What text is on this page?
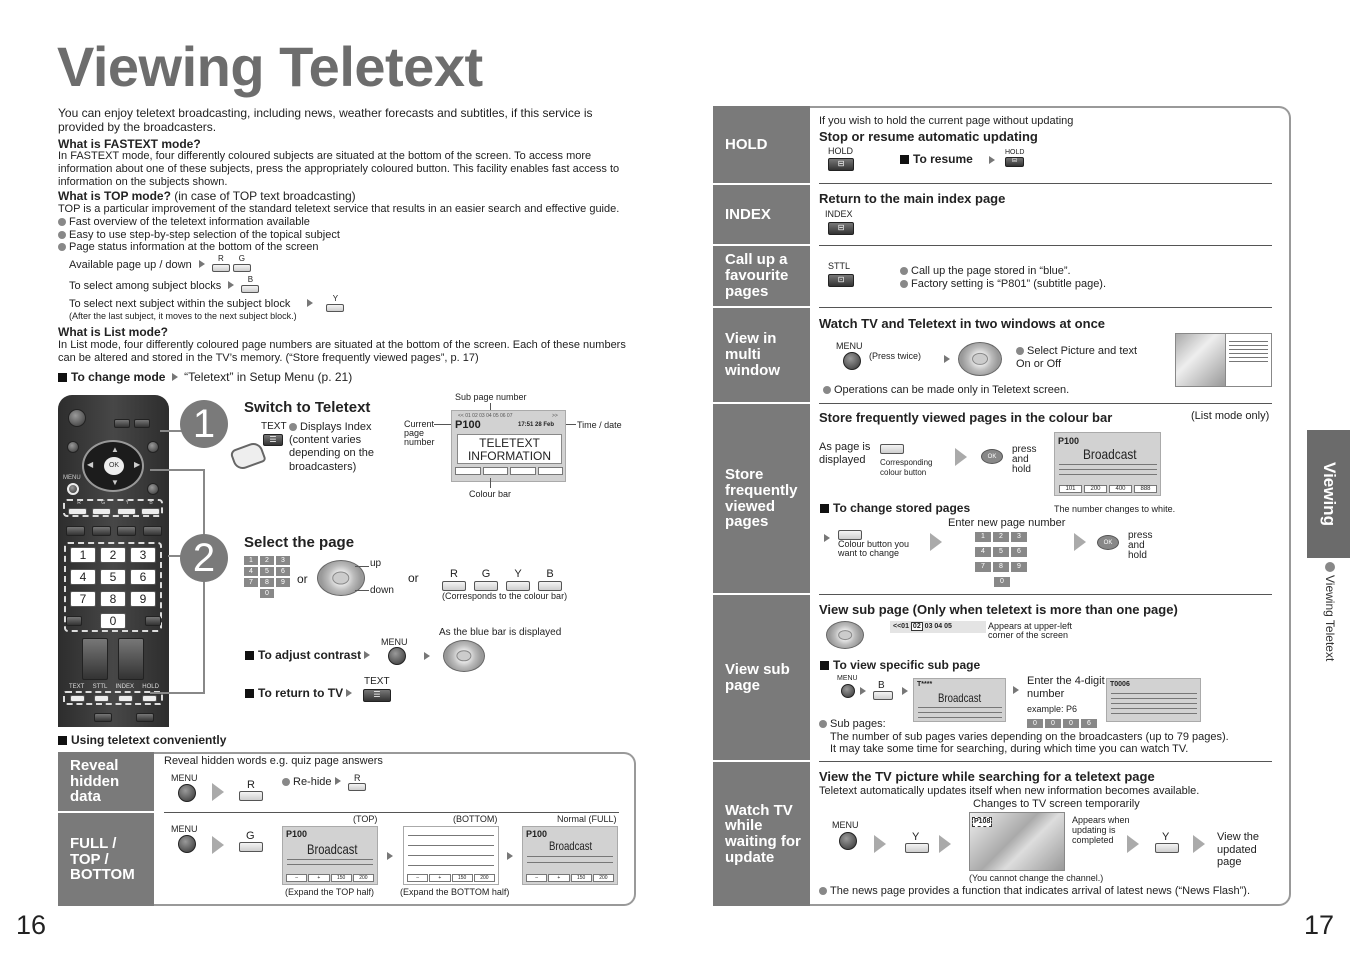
Viewing Teletext
You can enjoy teletext broadcasting, including news, weather forecasts and subtitles, if this service is provided by the broadcasters.
What is FASTEXT mode?
In FASTEXT mode, four differently coloured subjects are situated at the bottom of the screen. To access more information about one of these subjects, press the appropriately coloured button. This facility enables fast access to information on the subjects shown.
What is TOP mode? (in case of TOP text broadcasting)
TOP is a particular improvement of the standard teletext service that results in an easier search and effective guide.
Fast overview of the teletext information available
Easy to use step-by-step selection of the topical subject
Page status information at the bottom of the screen
Available page up / down  R G

To select among subject blocks  B

To select next subject within the subject block	Y

(After the last subject, it moves to the next subject block.)
What is List mode?
In List mode, four differently coloured page numbers are situated at the bottom of the screen. Each of these numbers can be altered and stored in the TV’s memory. (“Store frequently viewed pages”, p. 17)
To change mode “Teletext” in Setup Menu (p. 21)
OK
▲
▼
◀	▶
MENU
R	G	Y	B
1	2	3
4	5	6
7	8	9
0
TEXT STTL INDEX HOLD
1	Switch to Teletext
TEXT
☰
Displays Index (content varies depending on the broadcasters)
Sub page number
Current page number
<< 01 02 03 04 05 06 07	>>
P100	17:51 28 Feb
TELETEXT INFORMATION
Time / date
Colour bar
2	Select the page
1 2 3
4 5 6
7 8 9
0
or
up
down
or	R	G	Y	B
(Corresponds to the colour bar)
As the blue bar is displayed
MENU
To adjust contrast
TEXT
To return to TV	☰
Using teletext conveniently
Reveal hidden data
FULL / TOP / BOTTOM
Reveal hidden words e.g. quiz page answers
MENU
R	Re-hide	R
MENU
G
(TOP)
P100
Broadcast
–	+	150	200
(Expand the TOP half)
(BOTTOM)
–	+	150	200
(Expand the BOTTOM half)
Normal (FULL)
P100
Broadcast
–	+	150	200
16
HOLD
INDEX
Call up a favourite pages
View in multi window
Store frequently viewed pages
View sub page
Watch TV while waiting for update
If you wish to hold the current page without updating
Stop or resume automatic updating
HOLD
⊟	To resume	HOLD
⊟
Return to the main index page
INDEX
⊟
STTL
⊡
Call up the page stored in “blue”.
Factory setting is “P801” (subtitle page).
Watch TV and Teletext in two windows at once
MENU
(Press twice)	Select Picture and text On or Off
Operations can be made only in Teletext screen.
Store frequently viewed pages in the colour bar	(List mode only)
As page is displayed	Corresponding colour button
OK
press and hold
P100
Broadcast
101	200	400	888
To change stored pages	The number changes to white.
Enter new page number
Colour button you want to change
1 2 3
4 5 6
7 8 9
0
OK
press and hold
View sub page (Only when teletext is more than one page)
<<01 02 03 04 05	Appears at upper-left corner of the screen
To view specific sub page
MENU
B	T****
Broadcast
Enter the 4-digit number
example: P6
0 0 0 6
T0006
Sub pages:
The number of sub pages varies depending on the broadcasters (up to 79 pages).
It may take some time for searching, during which time you can watch TV.
View the TV picture while searching for a teletext page
Teletext automatically updates itself when new information becomes available.
Changes to TV screen temporarily
MENU
Y
P108	Appears when updating is completed
(You cannot change the channel.)
Y	View the updated page
The news page provides a function that indicates arrival of latest news (“News Flash”).
Viewing
Viewing Teletext
17
